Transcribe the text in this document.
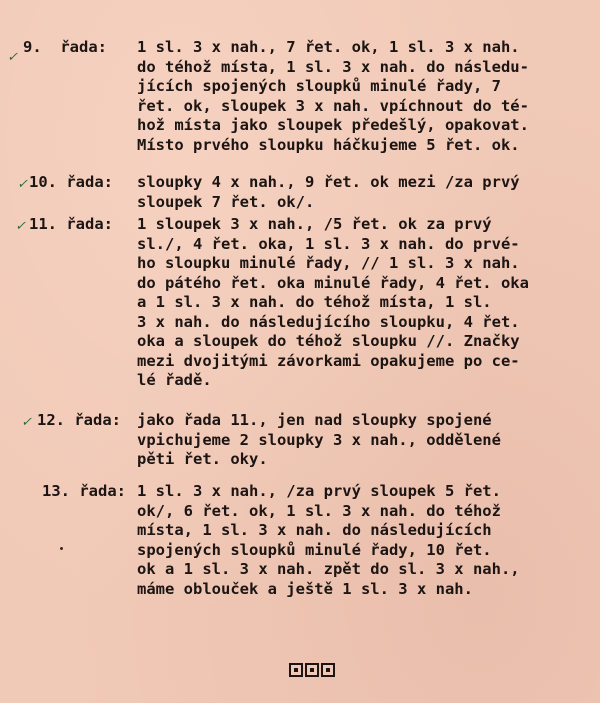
✓
9.  řada: 1 sl. 3 x nah., 7 řet. ok, 1 sl. 3 x nah.
do téhož místa, 1 sl. 3 x nah. do následu-
jících spojených sloupků minulé řady, 7
řet. ok, sloupek 3 x nah. vpíchnout do té-
hož místa jako sloupek předešlý, opakovat.
Místo prvého sloupku háčkujeme 5 řet. ok.
✓
10. řada: sloupky 4 x nah., 9 řet. ok mezi /za prvý
sloupek 7 řet. ok/.
✓ 11. řada: 1 sloupek 3 x nah., /5 řet. ok za prvý
sl./, 4 řet. oka, 1 sl. 3 x nah. do prvé-
ho sloupku minulé řady, // 1 sl. 3 x nah.
do pátého řet. oka minulé řady, 4 řet. oka
a 1 sl. 3 x nah. do téhož místa, 1 sl.
3 x nah. do následujícího sloupku, 4 řet.
oka a sloupek do téhož sloupku //. Značky
mezi dvojitými závorkami opakujeme po ce-
lé řadě.
✓ 12. řada: jako řada 11., jen nad sloupky spojené
vpichujeme 2 sloupky 3 x nah., oddělené
pěti řet. oky.
13. řada: 1 sl. 3 x nah., /za prvý sloupek 5 řet.
ok/, 6 řet. ok, 1 sl. 3 x nah. do téhož
místa, 1 sl. 3 x nah. do následujících
spojených sloupků minulé řady, 10 řet.
ok a 1 sl. 3 x nah. zpět do sl. 3 x nah.,
máme oblouček a ještě 1 sl. 3 x nah.
